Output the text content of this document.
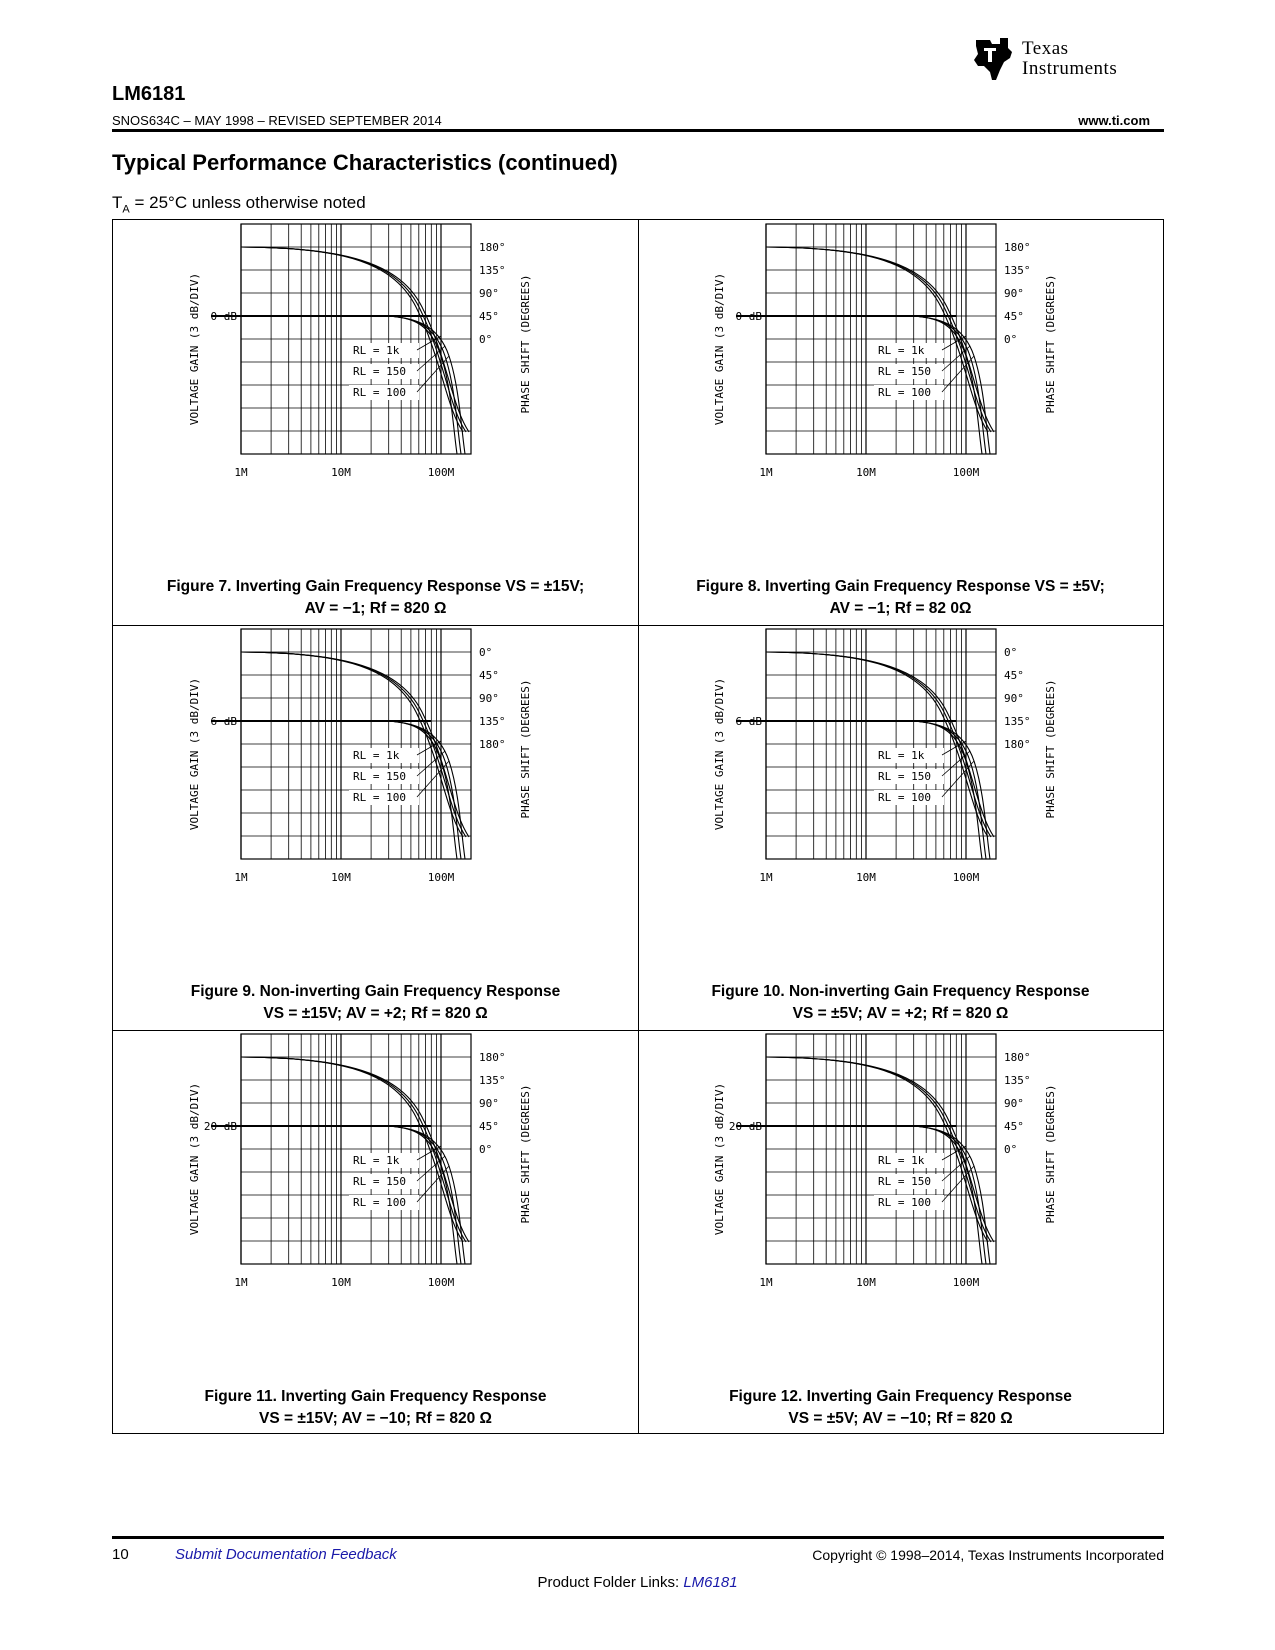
Texas
Instruments
LM6181
SNOS634C – MAY 1998 – REVISED SEPTEMBER 2014	www.ti.com
Typical Performance Characteristics (continued)
$T_A = 25^\circ C$ unless otherwise noted
0 dB
180°
135°
90°
45°
0°
1M	10M	100M
RL = 1k
RL = 150
RL = 100
VOLTAGE GAIN (3 dB/DIV)	PHASE SHIFT (DEGREES)
Figure 7. Inverting Gain Frequency Response VS = ±15V;
AV = −1; Rf = 820 Ω
0 dB
180°
135°
90°
45°
0°
1M	10M	100M
RL = 1k
RL = 150
RL = 100
VOLTAGE GAIN (3 dB/DIV)	PHASE SHIFT (DEGREES)
Figure 8. Inverting Gain Frequency Response VS = ±5V;
AV = −1; Rf = 82 0Ω
6 dB
0°
45°
90°
135°
180°
1M	10M	100M
RL = 1k
RL = 150
RL = 100
VOLTAGE GAIN (3 dB/DIV)	PHASE SHIFT (DEGREES)
Figure 9. Non-inverting Gain Frequency Response
VS = ±15V; AV = +2; Rf = 820 Ω
6 dB
0°
45°
90°
135°
180°
1M	10M	100M
RL = 1k
RL = 150
RL = 100
VOLTAGE GAIN (3 dB/DIV)	PHASE SHIFT (DEGREES)
Figure 10. Non-inverting Gain Frequency Response
VS = ±5V; AV = +2; Rf = 820 Ω
20 dB
180°
135°
90°
45°
0°
1M	10M	100M
RL = 1k
RL = 150
RL = 100
VOLTAGE GAIN (3 dB/DIV)	PHASE SHIFT (DEGREES)
Figure 11. Inverting Gain Frequency Response
VS = ±15V; AV = −10; Rf = 820 Ω
20 dB
180°
135°
90°
45°
0°
1M	10M	100M
RL = 1k
RL = 150
RL = 100
VOLTAGE GAIN (3 dB/DIV)	PHASE SHIFT (DEGREES)
Figure 12. Inverting Gain Frequency Response
VS = ±5V; AV = −10; Rf = 820 Ω
10	Submit Documentation Feedback	Copyright © 1998–2014, Texas Instruments Incorporated
Product Folder Links: LM6181
